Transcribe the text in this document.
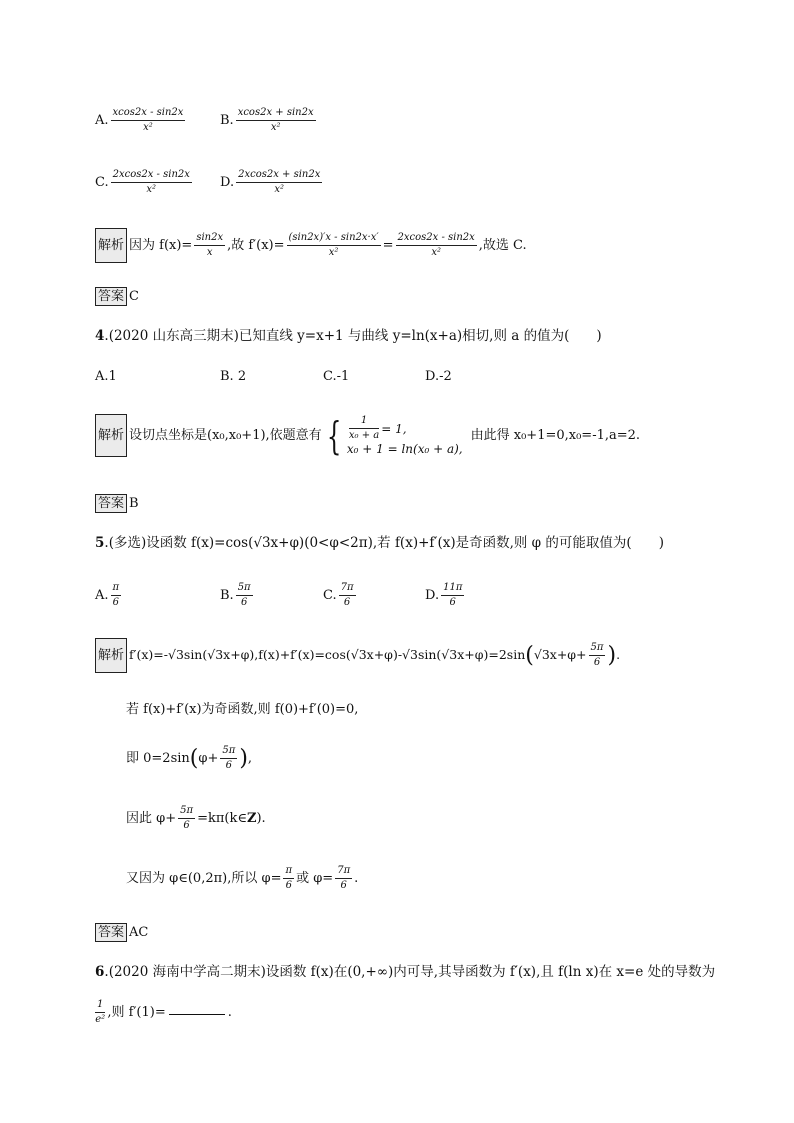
A. $\frac{xcos2x - \sin 2x}{\text{x²}}$	B. $\frac{xcos2x + \sin 2x}{\text{x²}}$
C. $\frac{2xcos2x - \sin 2x}{\text{x²}} D$. $\frac{2xcos2x + \sin 2x}{\text{x²}}$
解析 因为 $f(x)= \frac{\sin 2x}{x}$ ,故 $f'(x)= \frac{(\sin 2x)'x - \sin 2x\cdot x'}{\text{x²}} = \frac{2xcos2x - \sin 2x}{\text{x²}}$ ,故选 C.
答案 C
4.(2020 山东高三期末)已知直线 y=x+1 与曲线 y=ln(x+a)相切,则 a 的值为(　　)
A.1	B. 2	C.-1	D.-2
解析 设切点坐标是(x₀,x₀+1),依题意有 { $\frac{1}{\text{x₀ + a}} = 1$,
x₀ + 1 = ln(x₀ + a),
由此得 x₀+1=0,x₀=-1,a=2.
答案 B
5.(多选)设函数 f(x)=cos(√3x+φ)(0<φ<2π),若 f(x)+f′(x)是奇函数,则 φ 的可能取值为(　　)
A. $\frac{\pi}{6}$	B. $\frac{5\pi}{6}$	C. $\frac{7\pi}{6}$	D. $\frac{11\pi}{6}$
解析 f′(x)=-√3sin(√3x+φ),f(x)+f′(x)=cos(√3x+φ)-√3sin(√3x+φ)=2sin ( $√3x+\varphi+ \frac{5\pi}{6}$ ) .
若 f(x)+f′(x)为奇函数,则 f(0)+f′(0)=0,
即 0=2sin ( $\varphi+ \frac{5\pi}{6}$ ) ,
因此 $\varphi+ \frac{5\pi}{6}$ =kπ(k∈ Z ).
又因为 φ∈(0,2π),所以 $\varphi= \frac{\pi}{6}$ 或 $\varphi= \frac{7\pi}{6}$ .
答案 AC
6.(2020 海南中学高二期末)设函数 f(x)在(0,+∞)内可导,其导函数为 f′(x),且 f(ln x)在 x=e 处的导数为
$\frac{1}{\text{e²}}$ ,则 f′(1)=	.
